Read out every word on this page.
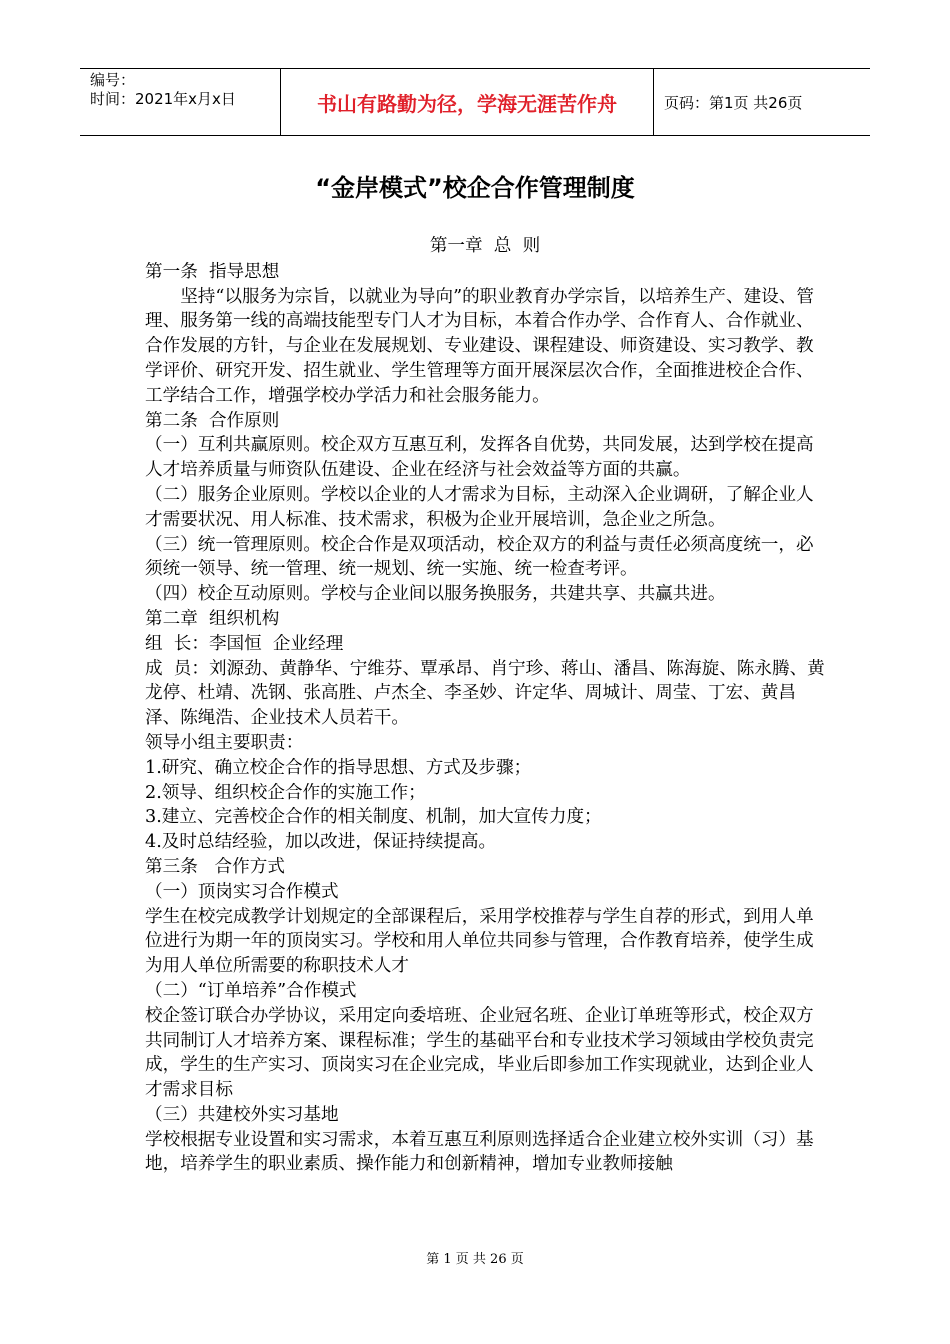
编号：
时间：2021年x月x日	书山有路勤为径，学海无涯苦作舟	页码：第1页 共26页
“金岸模式”校企合作管理制度

第一章  总  则

第一条  指导思想

坚持“以服务为宗旨，以就业为导向”的职业教育办学宗旨，以培养生产、建设、管理、服务第一线的高端技能型专门人才为目标，本着合作办学、合作育人、合作就业、合作发展的方针，与企业在发展规划、专业建设、课程建设、师资建设、实习教学、教学评价、研究开发、招生就业、学生管理等方面开展深层次合作，全面推进校企合作、工学结合工作，增强学校办学活力和社会服务能力。

第二条  合作原则

（一）互利共赢原则。校企双方互惠互利，发挥各自优势，共同发展，达到学校在提高人才培养质量与师资队伍建设、企业在经济与社会效益等方面的共赢。

（二）服务企业原则。学校以企业的人才需求为目标，主动深入企业调研，了解企业人才需要状况、用人标准、技术需求，积极为企业开展培训，急企业之所急。

（三）统一管理原则。校企合作是双项活动，校企双方的利益与责任必须高度统一，必须统一领导、统一管理、统一规划、统一实施、统一检查考评。

（四）校企互动原则。学校与企业间以服务换服务，共建共享、共赢共进。

第二章  组织机构

组  长：李国恒  企业经理

成  员：刘源劲、黄静华、宁维芬、覃承昂、肖宁珍、蒋山、潘昌、陈海旋、陈永腾、黄龙停、杜靖、冼钢、张高胜、卢杰全、李圣妙、许定华、周城计、周莹、丁宏、黄昌泽、陈绳浩、企业技术人员若干。

领导小组主要职责：

1.研究、确立校企合作的指导思想、方式及步骤；

2.领导、组织校企合作的实施工作；

3.建立、完善校企合作的相关制度、机制，加大宣传力度；

4.及时总结经验，加以改进，保证持续提高。

第三条   合作方式

（一）顶岗实习合作模式

学生在校完成教学计划规定的全部课程后，采用学校推荐与学生自荐的形式，到用人单位进行为期一年的顶岗实习。学校和用人单位共同参与管理，合作教育培养，使学生成为用人单位所需要的称职技术人才

（二）“订单培养”合作模式

校企签订联合办学协议，采用定向委培班、企业冠名班、企业订单班等形式，校企双方共同制订人才培养方案、课程标准；学生的基础平台和专业技术学习领域由学校负责完成，学生的生产实习、顶岗实习在企业完成，毕业后即参加工作实现就业，达到企业人才需求目标

（三）共建校外实习基地

学校根据专业设置和实习需求，本着互惠互利原则选择适合企业建立校外实训（习）基地，培养学生的职业素质、操作能力和创新精神，增加专业教师接触

第 1 页 共 26 页
